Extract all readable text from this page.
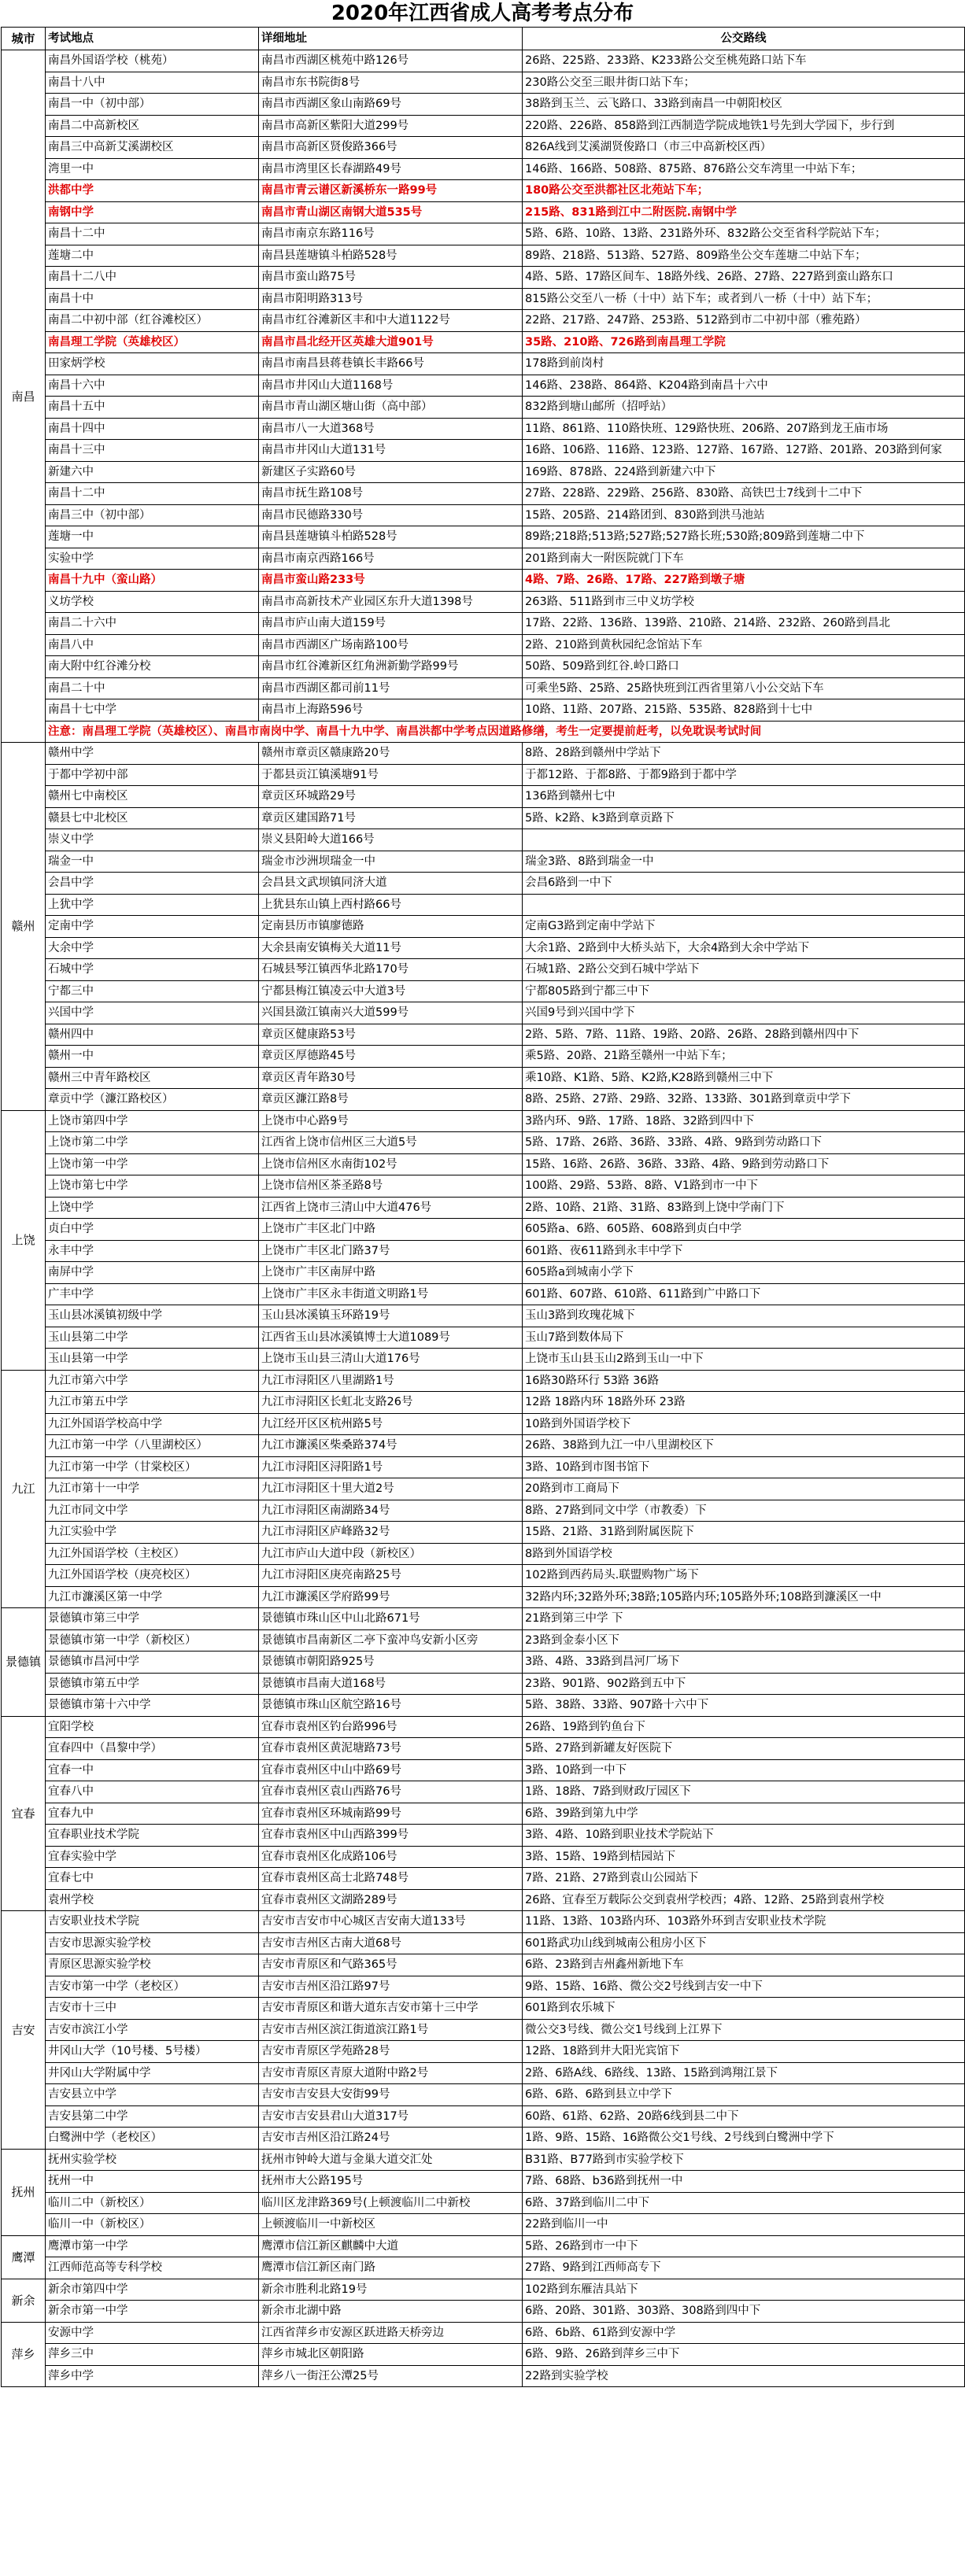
2020年江西省成人高考考点分布
城市	考试地点	详细地址	公交路线
南昌	南昌外国语学校（桃苑）	南昌市西湖区桃苑中路126号	26路、225路、233路、K233路公交至桃苑路口站下车
	南昌十八中	南昌市东书院街8号	230路公交至三眼井街口站下车；
	南昌一中（初中部）	南昌市西湖区象山南路69号	38路到玉兰、云飞路口、33路到南昌一中朝阳校区
	南昌二中高新校区	南昌市高新区紫阳大道299号	220路、226路、858路到江西制造学院成地铁1号先到大学园下，步行到
	南昌三中高新艾溪湖校区	南昌市高新区贤俊路366号	826A线到艾溪湖贤俊路口（市三中高新校区西）
	湾里一中	南昌市湾里区长春湖路49号	146路、166路、508路、875路、876路公交车湾里一中站下车；
	洪都中学	南昌市青云谱区新溪桥东一路99号	180路公交至洪都社区北苑站下车；
	南钢中学	南昌市青山湖区南钢大道535号	215路、831路到江中二附医院.南钢中学
	南昌十二中	南昌市南京东路116号	5路、6路、10路、13路、231路外环、832路公交至省科学院站下车；
	莲塘二中	南昌县莲塘镇斗柏路528号	89路、218路、513路、527路、809路坐公交车莲塘二中站下车；
	南昌十二八中	南昌市蛮山路75号	4路、5路、17路区间车、18路外线、26路、27路、227路到蛮山路东口
	南昌十中	南昌市阳明路313号	815路公交至八一桥（十中）站下车；或者到八一桥（十中）站下车；
	南昌二中初中部（红谷滩校区）	南昌市红谷滩新区丰和中大道1122号	22路、217路、247路、253路、512路到市二中初中部（雅苑路）
	南昌理工学院（英雄校区）	南昌市昌北经开区英雄大道901号	35路、210路、726路到南昌理工学院
	田家炳学校	南昌市南昌县蒋巷镇长丰路66号	178路到前岗村
	南昌十六中	南昌市井冈山大道1168号	146路、238路、864路、K204路到南昌十六中
	南昌十五中	南昌市青山湖区塘山街（高中部）	832路到塘山邮所（招呼站）
	南昌十四中	南昌市八一大道368号	11路、861路、110路快班、129路快班、206路、207路到龙王庙市场
	南昌十三中	南昌市井冈山大道131号	16路、106路、116路、123路、127路、167路、127路、201路、203路到何家
	新建六中	新建区子实路60号	169路、878路、224路到新建六中下
	南昌十二中	南昌市抚生路108号	27路、228路、229路、256路、830路、高铁巴士7线到十二中下
	南昌三中（初中部）	南昌市民德路330号	15路、205路、214路团到、830路到洪马池站
	莲塘一中	南昌县莲塘镇斗柏路528号	89路;218路;513路;527路;527路长班;530路;809路到莲塘二中下
	实验中学	南昌市南京西路166号	201路到南大一附医院就门下车
	南昌十九中（蛮山路）	南昌市蛮山路233号	4路、7路、26路、17路、227路到墩子塘
	义坊学校	南昌市高新技术产业园区东升大道1398号	263路、511路到市三中义坊学校
	南昌二十六中	南昌市庐山南大道159号	17路、22路、136路、139路、210路、214路、232路、260路到昌北
	南昌八中	南昌市西湖区广场南路100号	2路、210路到黄秋园纪念馆站下车
	南大附中红谷滩分校	南昌市红谷滩新区红角洲新勤学路99号	50路、509路到红谷.岭口路口
	南昌二十中	南昌市西湖区都司前11号	可乘坐5路、25路、25路快班到江西省里第八小公交站下车
	南昌十七中学	南昌市上海路596号	10路、11路、207路、215路、535路、828路到十七中
	注意：南昌理工学院（英雄校区）、南昌市南岗中学、南昌十九中学、南昌洪都中学考点因道路修缮，考生一定要提前赶考，以免耽误考试时间		
赣州	赣州中学	赣州市章贡区赣康路20号	8路、28路到赣州中学站下
	于都中学初中部	于都县贡江镇溪塘91号	于都12路、于都8路、于都9路到于都中学
	赣州七中南校区	章贡区环城路29号	136路到赣州七中
	赣县七中北校区	章贡区建国路71号	5路、k2路、k3路到章贡路下
	崇义中学	崇义县阳岭大道166号	
	瑞金一中	瑞金市沙洲坝瑞金一中	瑞金3路、8路到瑞金一中
	会昌中学	会昌县文武坝镇同济大道	会昌6路到一中下
	上犹中学	上犹县东山镇上西村路66号	
	定南中学	定南县历市镇廖德路	定南G3路到定南中学站下
	大余中学	大余县南安镇梅关大道11号	大余1路、2路到中大桥头站下，大余4路到大余中学站下
	石城中学	石城县琴江镇西华北路170号	石城1路、2路公交到石城中学站下
	宁都三中	宁都县梅江镇凌云中大道3号	宁都805路到宁都三中下
	兴国中学	兴国县潋江镇南兴大道599号	兴国9号到兴国中学下
	赣州四中	章贡区健康路53号	2路、5路、7路、11路、19路、20路、26路、28路到赣州四中下
	赣州一中	章贡区厚德路45号	乘5路、20路、21路至赣州一中站下车；
	赣州三中青年路校区	章贡区青年路30号	乘10路、K1路、5路、K2路,K28路到赣州三中下
	章贡中学（濂江路校区）	章贡区濂江路8号	8路、25路、27路、29路、32路、133路、301路到章贡中学下
上饶	上饶市第四中学	上饶市中心路9号	3路内环、9路、17路、18路、32路到四中下
	上饶市第二中学	江西省上饶市信州区三大道5号	5路、17路、26路、36路、33路、4路、9路到劳动路口下
	上饶市第一中学	上饶市信州区水南街102号	15路、16路、26路、36路、33路、4路、9路到劳动路口下
	上饶市第七中学	上饶市信州区茶圣路8号	100路、29路、53路、8路、V1路到市一中下
	上饶中学	江西省上饶市三清山中大道476号	2路、10路、21路、31路、83路到上饶中学南门下
	贞白中学	上饶市广丰区北门中路	605路a、6路、605路、608路到贞白中学
	永丰中学	上饶市广丰区北门路37号	601路、夜611路到永丰中学下
	南屏中学	上饶市广丰区南屏中路	605路a到城南小学下
	广丰中学	上饶市广丰区永丰街道文明路1号	601路、607路、610路、611路到广中路口下
	玉山县冰溪镇初级中学	玉山县冰溪镇玉环路19号	玉山3路到玫瑰花城下
	玉山县第二中学	江西省玉山县冰溪镇博士大道1089号	玉山7路到数体局下
	玉山县第一中学	上饶市玉山县三清山大道176号	上饶市玉山县玉山2路到玉山一中下
九江	九江市第六中学	九江市浔阳区八里湖路1号	16路30路环行 53路 36路
	九江市第五中学	九江市浔阳区长虹北支路26号	12路 18路内环 18路外环 23路
	九江外国语学校高中学	九江经开区区杭州路5号	10路到外国语学校下
	九江市第一中学（八里湖校区）	九江市濂溪区柴桑路374号	26路、38路到九江一中八里湖校区下
	九江市第一中学（甘棠校区）	九江市浔阳区浔阳路1号	3路、10路到市图书馆下
	九江市第十一中学	九江市浔阳区十里大道2号	20路到市工商局下
	九江市同文中学	九江市浔阳区南湖路34号	8路、27路到同文中学（市教委）下
	九江实验中学	九江市浔阳区庐峰路32号	15路、21路、31路到附属医院下
	九江外国语学校（主校区）	九江市庐山大道中段（新校区）	8路到外国语学校
	九江外国语学校（庚亮校区）	九江市浔阳区庚亮南路25号	102路到西药局头.联盟购物广场下
	九江市濂溪区第一中学	九江市濂溪区学府路99号	32路内环;32路外环;38路;105路内环;105路外环;108路到濂溪区一中
景德镇	景德镇市第三中学	景德镇市珠山区中山北路671号	21路到第三中学 下
	景德镇市第一中学（新校区）	景德镇市昌南新区二亭下蛮冲鸟安新小区旁	23路到金泰小区下
	景德镇市昌河中学	景德镇市朝阳路925号	3路、4路、33路到昌河厂场下
	景德镇市第五中学	景德镇市昌南大道168号	23路、901路、902路到五中下
	景德镇市第十六中学	景德镇市珠山区航空路16号	5路、38路、33路、907路十六中下
宜春	宜阳学校	宜春市袁州区钓台路996号	26路、19路到钓鱼台下
	宜春四中（昌黎中学）	宜春市袁州区黄泥塘路73号	5路、27路到新罐友好医院下
	宜春一中	宜春市袁州区中山中路69号	3路、10路到一中下
	宜春八中	宜春市袁州区袁山西路76号	1路、18路、7路到财政厅园区下
	宜春九中	宜春市袁州区环城南路99号	6路、39路到第九中学
	宜春职业技术学院	宜春市袁州区中山西路399号	3路、4路、10路到职业技术学院站下
	宜春实验中学	宜春市袁州区化成路106号	3路、15路、19路到桔园站下
	宜春七中	宜春市袁州区高士北路748号	7路、21路、27路到袁山公园站下
	袁州学校	宜春市袁州区文湖路289号	26路、宜春至万载际公交到袁州学校西；4路、12路、25路到袁州学校
吉安	吉安职业技术学院	吉安市吉安市中心城区吉安南大道133号	11路、13路、103路内环、103路外环到吉安职业技术学院
	吉安市思源实验学校	吉安市吉州区古南大道68号	601路武功山线到城南公租房小区下
	青原区思源实验学校	吉安市青原区和气路365号	6路、23路到吉州鑫州新地下车
	吉安市第一中学（老校区）	吉安市吉州区沿江路97号	9路、15路、16路、微公交2号线到吉安一中下
	吉安市十三中	吉安市青原区和谐大道东吉安市第十三中学	601路到农乐城下
	吉安市滨江小学	吉安市吉州区滨江街道滨江路1号	微公交3号线、微公交1号线到上江界下
	井冈山大学（10号楼、5号楼）	吉安市青原区学苑路28号	12路、18路到井大阳光宾馆下
	井冈山大学附属中学	吉安市青原区青原大道附中路2号	2路、6路A线、6路线、13路、15路到鸿翔江景下
	吉安县立中学	吉安市吉安县大安街99号	6路、6路、6路到县立中学下
	吉安县第二中学	吉安市吉安县君山大道317号	60路、61路、62路、20路6线到县二中下
	白鹭洲中学（老校区）	吉安市吉州区沿江路24号	1路、9路、15路、16路微公交1号线、2号线到白鹭洲中学下
抚州	抚州实验学校	抚州市钟岭大道与金巢大道交汇处	B31路、B77路到市实验学校下
	抚州一中	抚州市大公路195号	7路、68路、b36路到抚州一中
	临川二中（新校区）	临川区龙津路369号(上顿渡临川二中新校	6路、37路到临川二中下
	临川一中（新校区）	上顿渡临川一中新校区	22路到临川一中
鹰潭	鹰潭市第一中学	鹰潭市信江新区麒麟中大道	5路、26路到市一中下
	江西师范高等专科学校	鹰潭市信江新区南门路	27路、9路到江西师高专下
新余	新余市第四中学	新余市胜利北路19号	102路到东雁洁具站下
	新余市第一中学	新余市北湖中路	6路、20路、301路、303路、308路到四中下
萍乡	安源中学	江西省萍乡市安源区跃进路天桥旁边	6路、6b路、61路到安源中学
	萍乡三中	萍乡市城北区朝阳路	6路、9路、26路到萍乡三中下
	萍乡中学	萍乡八一街汪公潭25号	22路到实验学校
